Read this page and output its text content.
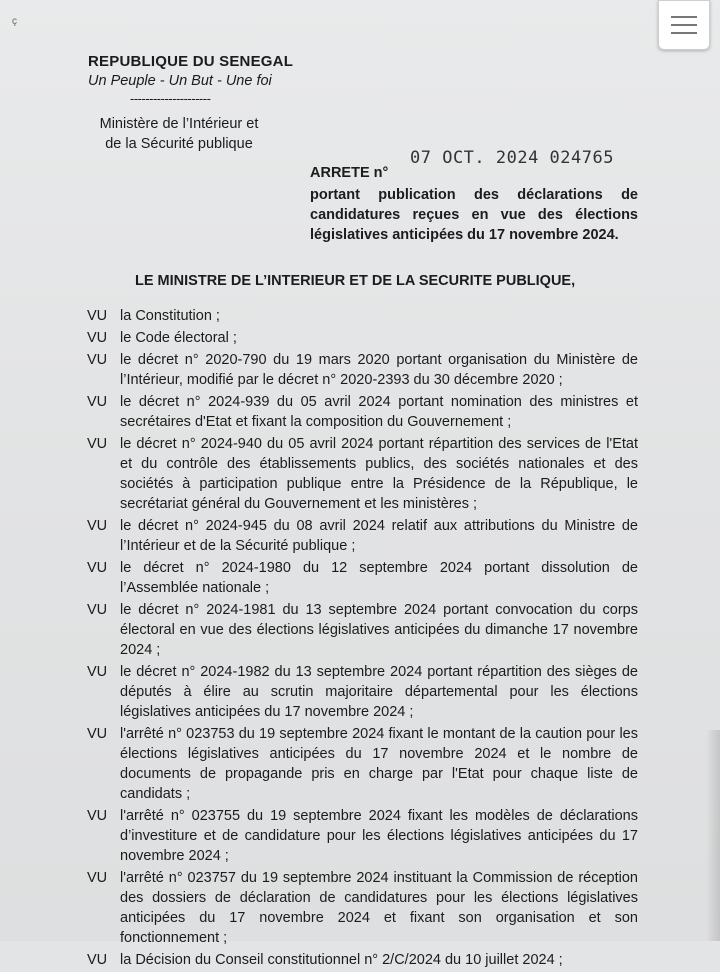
ç
REPUBLIQUE DU SENEGAL
Un Peuple - Un But - Une foi
---------------------
Ministère de l’Intérieur et
de la Sécurité publique
07 OCT. 2024 024765
ARRETE n°
portant publication des déclarations de candidatures reçues en vue des élections législatives anticipées du 17 novembre 2024.
LE MINISTRE DE L’INTERIEUR ET DE LA SECURITE PUBLIQUE,
VU la Constitution ;
VU le Code électoral ;
VU le décret n° 2020-790 du 19 mars 2020 portant organisation du Ministère de l’Intérieur, modifié par le décret n° 2020-2393 du 30 décembre 2020 ;
VU le décret n° 2024-939 du 05 avril 2024 portant nomination des ministres et secrétaires d'Etat et fixant la composition du Gouvernement ;
VU le décret n° 2024-940 du 05 avril 2024 portant répartition des services de l'Etat et du contrôle des établissements publics, des sociétés nationales et des sociétés à participation publique entre la Présidence de la République, le secrétariat général du Gouvernement et les ministères ;
VU le décret n° 2024-945 du 08 avril 2024 relatif aux attributions du Ministre de l’Intérieur et de la Sécurité publique ;
VU le décret n° 2024-1980 du 12 septembre 2024 portant dissolution de l’Assemblée nationale ;
VU le décret n° 2024-1981 du 13 septembre 2024 portant convocation du corps électoral en vue des élections législatives anticipées du dimanche 17 novembre 2024 ;
VU le décret n° 2024-1982 du 13 septembre 2024 portant répartition des sièges de députés à élire au scrutin majoritaire départemental pour les élections législatives anticipées du 17 novembre 2024 ;
VU l'arrêté n° 023753 du 19 septembre 2024 fixant le montant de la caution pour les élections législatives anticipées du 17 novembre 2024 et le nombre de documents de propagande pris en charge par l'Etat pour chaque liste de candidats ;
VU l'arrêté n° 023755 du 19 septembre 2024 fixant les modèles de déclarations d’investiture et de candidature pour les élections législatives anticipées du 17 novembre 2024 ;
VU l'arrêté n° 023757 du 19 septembre 2024 instituant la Commission de réception des dossiers de déclaration de candidatures pour les élections législatives anticipées du 17 novembre 2024 et fixant son organisation et son fonctionnement ;
VU la Décision du Conseil constitutionnel n° 2/C/2024 du 10 juillet 2024 ;
